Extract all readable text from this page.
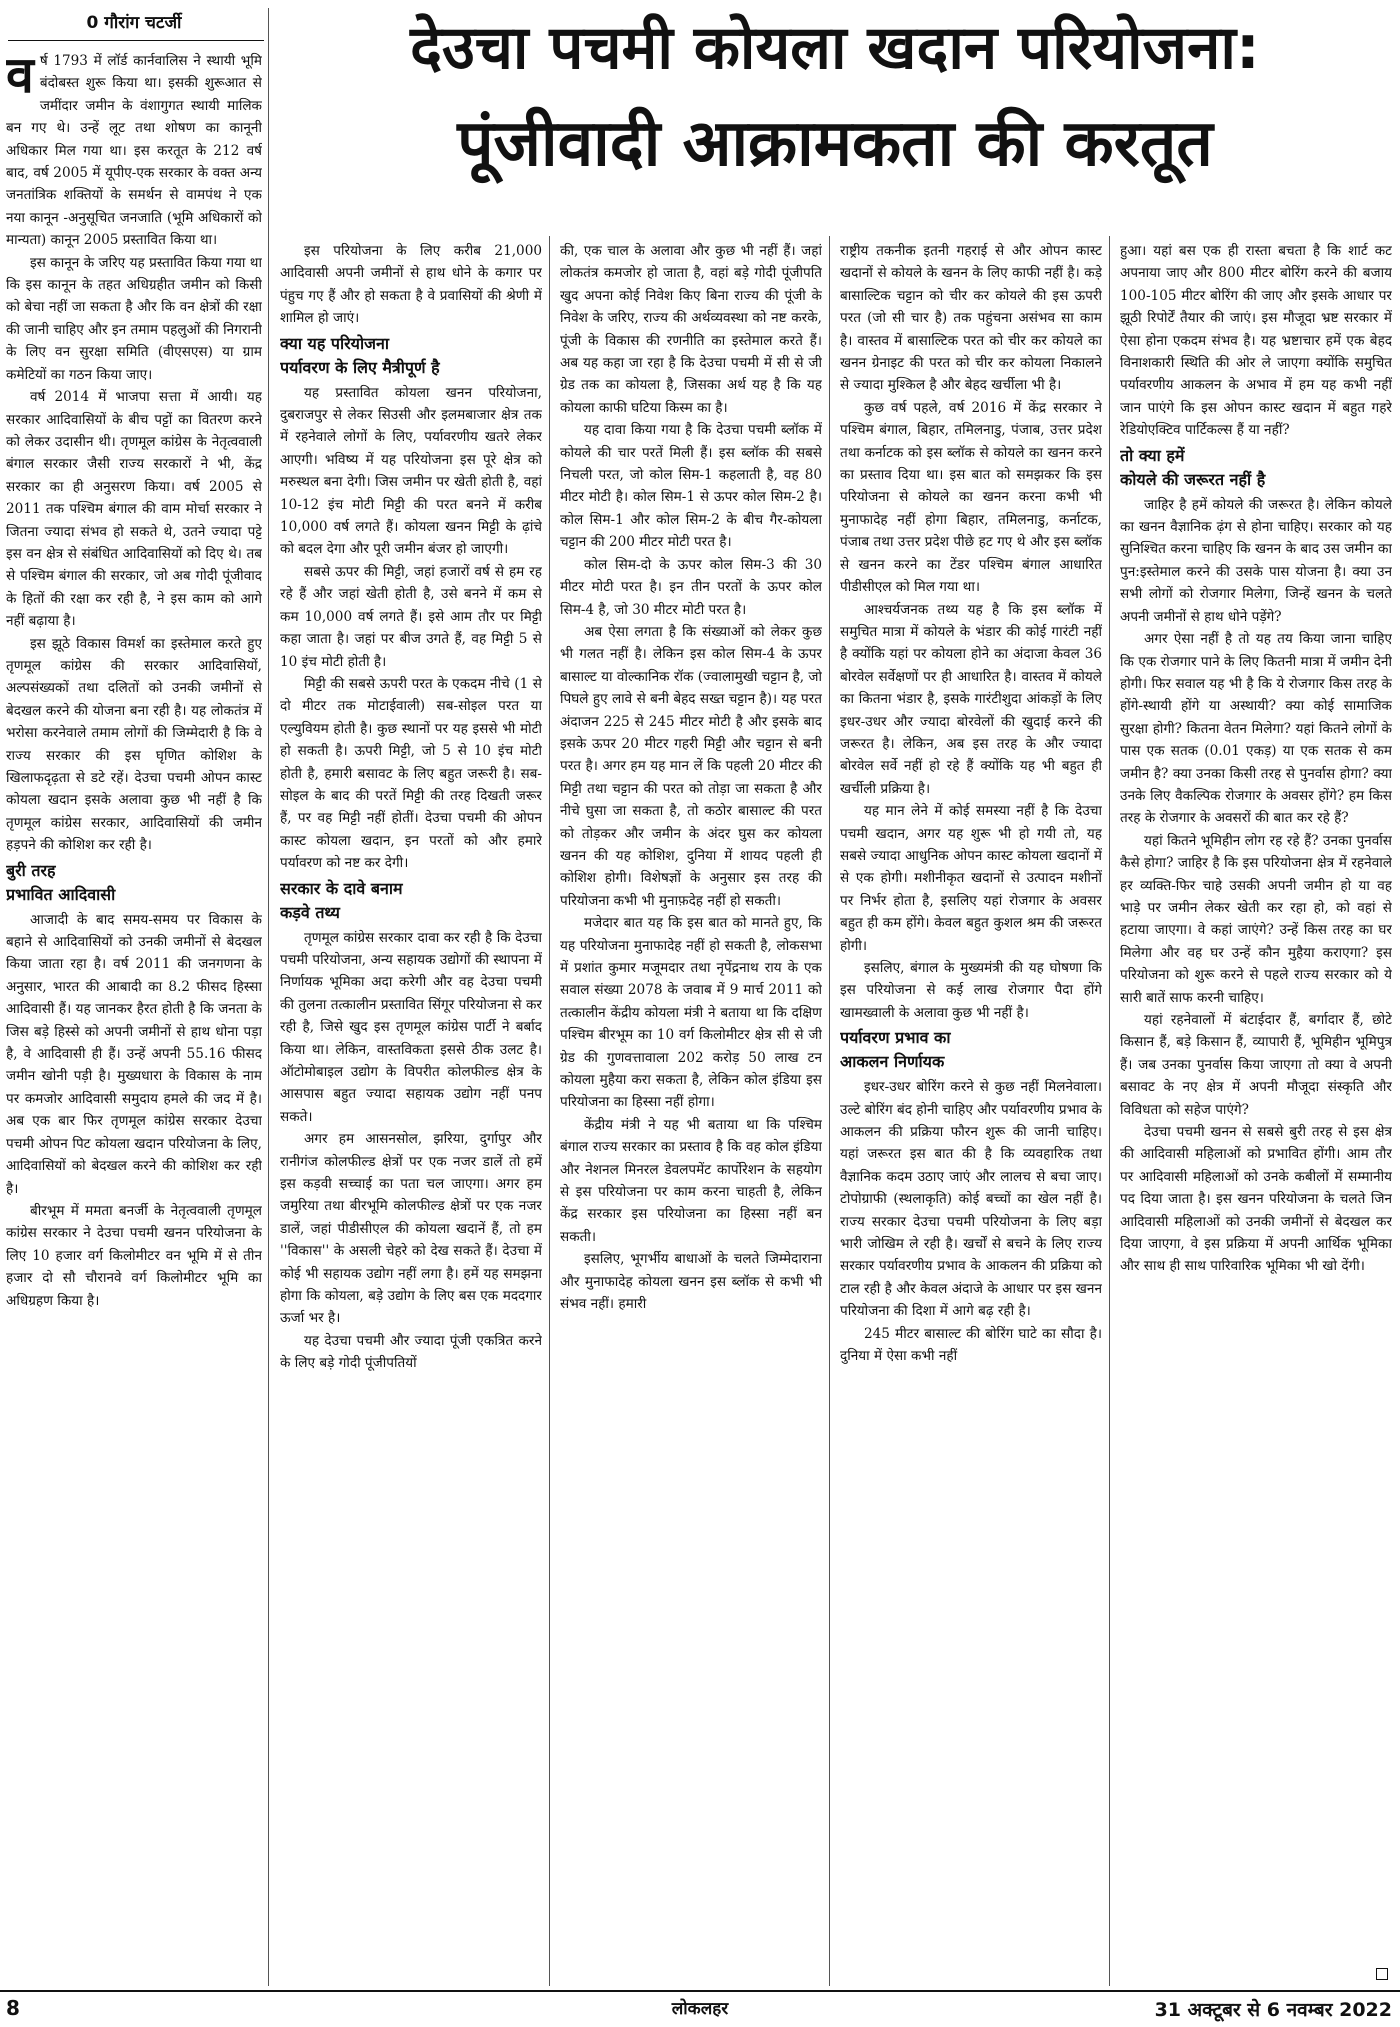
0 गौरांग चटर्जी	देउचा पचमी कोयला खदान परियोजना:
पूंजीवादी आक्रामकता की करतूत

वर्ष 1793 में लॉर्ड कार्नवालिस ने स्थायी भूमि बंदोबस्त शुरू किया था। इसकी शुरूआत से जमींदार जमीन के वंशागुगत स्थायी मालिक बन गए थे। उन्हें लूट तथा शोषण का कानूनी अधिकार मिल गया था। इस करतूत के 212 वर्ष बाद, वर्ष 2005 में यूपीए-एक सरकार के वक्त अन्य जनतांत्रिक शक्तियों के समर्थन से वामपंथ ने एक नया कानून -अनुसूचित जनजाति (भूमि अधिकारों को मान्यता) कानून 2005 प्रस्तावित किया था।

इस कानून के जरिए यह प्रस्तावित किया गया था कि इस कानून के तहत अधिग्रहीत जमीन को किसी को बेचा नहीं जा सकता है और कि वन क्षेत्रों की रक्षा की जानी चाहिए और इन तमाम पहलुओं की निगरानी के लिए वन सुरक्षा समिति (वीएसएस) या ग्राम कमेटियों का गठन किया जाए।

वर्ष 2014 में भाजपा सत्ता में आयी। यह सरकार आदिवासियों के बीच पट्टों का वितरण करने को लेकर उदासीन थी। तृणमूल कांग्रेस के नेतृत्ववाली बंगाल सरकार जैसी राज्य सरकारों ने भी, केंद्र सरकार का ही अनुसरण किया। वर्ष 2005 से 2011 तक पश्चिम बंगाल की वाम मोर्चा सरकार ने जितना ज्यादा संभव हो सकते थे, उतने ज्यादा पट्टे इस वन क्षेत्र से संबंधित आदिवासियों को दिए थे। तब से पश्चिम बंगाल की सरकार, जो अब गोदी पूंजीवाद के हितों की रक्षा कर रही है, ने इस काम को आगे नहीं बढ़ाया है।

इस झूठे विकास विमर्श का इस्तेमाल करते हुए तृणमूल कांग्रेस की सरकार आदिवासियों, अल्पसंख्यकों तथा दलितों को उनकी जमीनों से बेदखल करने की योजना बना रही है। यह लोकतंत्र में भरोसा करनेवाले तमाम लोगों की जिम्मेदारी है कि वे राज्य सरकार की इस घृणित कोशिश के खिलाफदृढ़ता से डटे रहें। देउचा पचमी ओपन कास्ट कोयला खदान इसके अलावा कुछ भी नहीं है कि तृणमूल कांग्रेस सरकार, आदिवासियों की जमीन हड़पने की कोशिश कर रही है।

बुरी तरह
प्रभावित आदिवासी

आजादी के बाद समय-समय पर विकास के बहाने से आदिवासियों को उनकी जमीनों से बेदखल किया जाता रहा है। वर्ष 2011 की जनगणना के अनुसार, भारत की आबादी का 8.2 फीसद हिस्सा आदिवासी हैं। यह जानकर हैरत होती है कि जनता के जिस बड़े हिस्से को अपनी जमीनों से हाथ धोना पड़ा है, वे आदिवासी ही हैं। उन्हें अपनी 55.16 फीसद जमीन खोनी पड़ी है। मुख्यधारा के विकास के नाम पर कमजोर आदिवासी समुदाय हमले की जद में है। अब एक बार फिर तृणमूल कांग्रेस सरकार देउचा पचमी ओपन पिट कोयला खदान परियोजना के लिए, आदिवासियों को बेदखल करने की कोशिश कर रही है।

बीरभूम में ममता बनर्जी के नेतृत्ववाली तृणमूल कांग्रेस सरकार ने देउचा पचमी खनन परियोजना के लिए 10 हजार वर्ग किलोमीटर वन भूमि में से तीन हजार दो सौ चौरानवे वर्ग किलोमीटर भूमि का अधिग्रहण किया है।

इस परियोजना के लिए करीब 21,000 आदिवासी अपनी जमीनों से हाथ धोने के कगार पर पंहुच गए हैं और हो सकता है वे प्रवासियों की श्रेणी में शामिल हो जाएं।

क्या यह परियोजना
पर्यावरण के लिए मैत्रीपूर्ण है

यह प्रस्तावित कोयला खनन परियोजना, दुबराजपुर से लेकर सिउसी और इलमबाजार क्षेत्र तक में रहनेवाले लोगों के लिए, पर्यावरणीय खतरे लेकर आएगी। भविष्य में यह परियोजना इस पूरे क्षेत्र को मरुस्थल बना देगी। जिस जमीन पर खेती होती है, वहां 10-12 इंच मोटी मिट्टी की परत बनने में करीब 10,000 वर्ष लगते हैं। कोयला खनन मिट्टी के ढ़ांचे को बदल देगा और पूरी जमीन बंजर हो जाएगी।

सबसे ऊपर की मिट्टी, जहां हजारों वर्ष से हम रह रहे हैं और जहां खेती होती है, उसे बनने में कम से कम 10,000 वर्ष लगते हैं। इसे आम तौर पर मिट्टी कहा जाता है। जहां पर बीज उगते हैं, वह मिट्टी 5 से 10 इंच मोटी होती है।

मिट्टी की सबसे ऊपरी परत के एकदम नीचे (1 से दो मीटर तक मोटाईवाली) सब-सोइल परत या एल्युवियम होती है। कुछ स्थानों पर यह इससे भी मोटी हो सकती है। ऊपरी मिट्टी, जो 5 से 10 इंच मोटी होती है, हमारी बसावट के लिए बहुत जरूरी है। सब-सोइल के बाद की परतें मिट्टी की तरह दिखती जरूर हैं, पर वह मिट्टी नहीं होतीं। देउचा पचमी की ओपन कास्ट कोयला खदान, इन परतों को और हमारे पर्यावरण को नष्ट कर देगी।

सरकार के दावे बनाम
कड़वे तथ्य

तृणमूल कांग्रेस सरकार दावा कर रही है कि देउचा पचमी परियोजना, अन्य सहायक उद्योगों की स्थापना में निर्णायक भूमिका अदा करेगी और वह देउचा पचमी की तुलना तत्कालीन प्रस्तावित सिंगूर परियोजना से कर रही है, जिसे खुद इस तृणमूल कांग्रेस पार्टी ने बर्बाद किया था। लेकिन, वास्तविकता इससे ठीक उलट है। ऑटोमोबाइल उद्योग के विपरीत कोलफील्ड क्षेत्र के आसपास बहुत ज्यादा सहायक उद्योग नहीं पनप सकते।

अगर हम आसनसोल, झरिया, दुर्गापुर और रानीगंज कोलफील्ड क्षेत्रों पर एक नजर डालें तो हमें इस कड़वी सच्चाई का पता चल जाएगा। अगर हम जमुरिया तथा बीरभूमि कोलफील्ड क्षेत्रों पर एक नजर डालें, जहां पीडीसीएल की कोयला खदानें हैं, तो हम ''विकास'' के असली चेहरे को देख सकते हैं। देउचा में कोई भी सहायक उद्योग नहीं लगा है। हमें यह समझना होगा कि कोयला, बड़े उद्योग के लिए बस एक मददगार ऊर्जा भर है।

यह देउचा पचमी और ज्यादा पूंजी एकत्रित करने के लिए बड़े गोदी पूंजीपतियों

की, एक चाल के अलावा और कुछ भी नहीं हैं। जहां लोकतंत्र कमजोर हो जाता है, वहां बड़े गोदी पूंजीपति खुद अपना कोई निवेश किए बिना राज्य की पूंजी के निवेश के जरिए, राज्य की अर्थव्यवस्था को नष्ट करके, पूंजी के विकास की रणनीति का इस्तेमाल करते हैं। अब यह कहा जा रहा है कि देउचा पचमी में सी से जी ग्रेड तक का कोयला है, जिसका अर्थ यह है कि यह कोयला काफी घटिया किस्म का है।

यह दावा किया गया है कि देउचा पचमी ब्लॉक में कोयले की चार परतें मिली हैं। इस ब्लॉक की सबसे निचली परत, जो कोल सिम-1 कहलाती है, वह 80 मीटर मोटी है। कोल सिम-1 से ऊपर कोल सिम-2 है। कोल सिम-1 और कोल सिम-2 के बीच गैर-कोयला चट्टान की 200 मीटर मोटी परत है।

कोल सिम-दो के ऊपर कोल सिम-3 की 30 मीटर मोटी परत है। इन तीन परतों के ऊपर कोल सिम-4 है, जो 30 मीटर मोटी परत है।

अब ऐसा लगता है कि संख्याओं को लेकर कुछ भी गलत नहीं है। लेकिन इस कोल सिम-4 के ऊपर बासाल्ट या वोल्कानिक रॉक (ज्वालामुखी चट्टान है, जो पिघले हुए लावे से बनी बेहद सख्त चट्टान है)। यह परत अंदाजन 225 से 245 मीटर मोटी है और इसके बाद इसके ऊपर 20 मीटर गहरी मिट्टी और चट्टान से बनी परत है। अगर हम यह मान लें कि पहली 20 मीटर की मिट्टी तथा चट्टान की परत को तोड़ा जा सकता है और नीचे घुसा जा सकता है, तो कठोर बासाल्ट की परत को तोड़कर और जमीन के अंदर घुस कर कोयला खनन की यह कोशिश, दुनिया में शायद पहली ही कोशिश होगी। विशेषज्ञों के अनुसार इस तरह की परियोजना कभी भी मुनाफ़देह नहीं हो सकती।

मजेदार बात यह कि इस बात को मानते हुए, कि यह परियोजना मुनाफादेह नहीं हो सकती है, लोकसभा में प्रशांत कुमार मजूमदार तथा नृपेंद्रनाथ राय के एक सवाल संख्या 2078 के जवाब में 9 मार्च 2011 को तत्कालीन केंद्रीय कोयला मंत्री ने बताया था कि दक्षिण पश्चिम बीरभूम का 10 वर्ग किलोमीटर क्षेत्र सी से जी ग्रेड की गुणवत्तावाला 202 करोड़ 50 लाख टन कोयला मुहैया करा सकता है, लेकिन कोल इंडिया इस परियोजना का हिस्सा नहीं होगा।

केंद्रीय मंत्री ने यह भी बताया था कि पश्चिम बंगाल राज्य सरकार का प्रस्ताव है कि वह कोल इंडिया और नेशनल मिनरल डेवलपमेंट कार्पोरेशन के सहयोग से इस परियोजना पर काम करना चाहती है, लेकिन केंद्र सरकार इस परियोजना का हिस्सा नहीं बन सकती।

इसलिए, भूगर्भीय बाधाओं के चलते जिम्मेदाराना और मुनाफादेह कोयला खनन इस ब्लॉक से कभी भी संभव नहीं। हमारी

राष्ट्रीय तकनीक इतनी गहराई से और ओपन कास्ट खदानों से कोयले के खनन के लिए काफी नहीं है। कड़े बासाल्टिक चट्टान को चीर कर कोयले की इस ऊपरी परत (जो सी चार है) तक पहुंचना असंभव सा काम है। वास्तव में बासाल्टिक परत को चीर कर कोयले का खनन ग्रेनाइट की परत को चीर कर कोयला निकालने से ज्यादा मुश्किल है और बेहद खर्चीला भी है।

कुछ वर्ष पहले, वर्ष 2016 में केंद्र सरकार ने पश्चिम बंगाल, बिहार, तमिलनाडु, पंजाब, उत्तर प्रदेश तथा कर्नाटक को इस ब्लॉक से कोयले का खनन करने का प्रस्ताव दिया था। इस बात को समझकर कि इस परियोजना से कोयले का खनन करना कभी भी मुनाफादेह नहीं होगा बिहार, तमिलनाडु, कर्नाटक, पंजाब तथा उत्तर प्रदेश पीछे हट गए थे और इस ब्लॉक से खनन करने का टेंडर पश्चिम बंगाल आधारित पीडीसीएल को मिल गया था।

आश्चर्यजनक तथ्य यह है कि इस ब्लॉक में समुचित मात्रा में कोयले के भंडार की कोई गारंटी नहीं है क्योंकि यहां पर कोयला होने का अंदाजा केवल 36 बोरवेल सर्वेक्षणों पर ही आधारित है। वास्तव में कोयले का कितना भंडार है, इसके गारंटीशुदा आंकड़ों के लिए इधर-उधर और ज्यादा बोरवेलों की खुदाई करने की जरूरत है। लेकिन, अब इस तरह के और ज्यादा बोरवेल सर्वे नहीं हो रहे हैं क्योंकि यह भी बहुत ही खर्चीली प्रक्रिया है।

यह मान लेने में कोई समस्या नहीं है कि देउचा पचमी खदान, अगर यह शुरू भी हो गयी तो, यह सबसे ज्यादा आधुनिक ओपन कास्ट कोयला खदानों में से एक होगी। मशीनीकृत खदानों से उत्पादन मशीनों पर निर्भर होता है, इसलिए यहां रोजगार के अवसर बहुत ही कम होंगे। केवल बहुत कुशल श्रम की जरूरत होगी।

इसलिए, बंगाल के मुख्यमंत्री की यह घोषणा कि इस परियोजना से कई लाख रोजगार पैदा होंगे खामख्वाली के अलावा कुछ भी नहीं है।

पर्यावरण प्रभाव का
आकलन निर्णायक

इधर-उधर बोरिंग करने से कुछ नहीं मिलनेवाला। उल्टे बोरिंग बंद होनी चाहिए और पर्यावरणीय प्रभाव के आकलन की प्रक्रिया फौरन शुरू की जानी चाहिए। यहां जरूरत इस बात की है कि व्यवहारिक तथा वैज्ञानिक कदम उठाए जाएं और लालच से बचा जाए। टोपोग्राफी (स्थलाकृति) कोई बच्चों का खेल नहीं है। राज्य सरकार देउचा पचमी परियोजना के लिए बड़ा भारी जोखिम ले रही है। खर्चों से बचने के लिए राज्य सरकार पर्यावरणीय प्रभाव के आकलन की प्रक्रिया को टाल रही है और केवल अंदाजे के आधार पर इस खनन परियोजना की दिशा में आगे बढ़ रही है।

245 मीटर बासाल्ट की बोरिंग घाटे का सौदा है। दुनिया में ऐसा कभी नहीं

हुआ। यहां बस एक ही रास्ता बचता है कि शार्ट कट अपनाया जाए और 800 मीटर बोरिंग करने की बजाय 100-105 मीटर बोरिंग की जाए और इसके आधार पर झूठी रिपोर्टें तैयार की जाएं। इस मौजूदा भ्रष्ट सरकार में ऐसा होना एकदम संभव है। यह भ्रष्टाचार हमें एक बेहद विनाशकारी स्थिति की ओर ले जाएगा क्योंकि समुचित पर्यावरणीय आकलन के अभाव में हम यह कभी नहीं जान पाएंगे कि इस ओपन कास्ट खदान में बहुत गहरे रेडियोएक्टिव पार्टिकल्स हैं या नहीं?

तो क्या हमें
कोयले की जरूरत नहीं है

जाहिर है हमें कोयले की जरूरत है। लेकिन कोयले का खनन वैज्ञानिक ढ़ंग से होना चाहिए। सरकार को यह सुनिश्चित करना चाहिए कि खनन के बाद उस जमीन का पुन:इस्तेमाल करने की उसके पास योजना है। क्या उन सभी लोगों को रोजगार मिलेगा, जिन्हें खनन के चलते अपनी जमीनों से हाथ धोने पड़ेंगे?

अगर ऐसा नहीं है तो यह तय किया जाना चाहिए कि एक रोजगार पाने के लिए कितनी मात्रा में जमीन देनी होगी। फिर सवाल यह भी है कि ये रोजगार किस तरह के होंगे-स्थायी होंगे या अस्थायी? क्या कोई सामाजिक सुरक्षा होगी? कितना वेतन मिलेगा? यहां कितने लोगों के पास एक सतक (0.01 एकड़) या एक सतक से कम जमीन है? क्या उनका किसी तरह से पुनर्वास होगा? क्या उनके लिए वैकल्पिक रोजगार के अवसर होंगे? हम किस तरह के रोजगार के अवसरों की बात कर रहे हैं?

यहां कितने भूमिहीन लोग रह रहे हैं? उनका पुनर्वास कैसे होगा? जाहिर है कि इस परियोजना क्षेत्र में रहनेवाले हर व्यक्ति-फिर चाहे उसकी अपनी जमीन हो या वह भाड़े पर जमीन लेकर खेती कर रहा हो, को वहां से हटाया जाएगा। वे कहां जाएंगे? उन्हें किस तरह का घर मिलेगा और वह घर उन्हें कौन मुहैया कराएगा? इस परियोजना को शुरू करने से पहले राज्य सरकार को ये सारी बातें साफ करनी चाहिए।

यहां रहनेवालों में बंटाईदार हैं, बर्गादार हैं, छोटे किसान हैं, बड़े किसान हैं, व्यापारी हैं, भूमिहीन भूमिपुत्र हैं। जब उनका पुनर्वास किया जाएगा तो क्या वे अपनी बसावट के नए क्षेत्र में अपनी मौजूदा संस्कृति और विविधता को सहेज पाएंगे?

देउचा पचमी खनन से सबसे बुरी तरह से इस क्षेत्र की आदिवासी महिलाओं को प्रभावित होंगी। आम तौर पर आदिवासी महिलाओं को उनके कबीलों में सम्मानीय पद दिया जाता है। इस खनन परियोजना के चलते जिन आदिवासी महिलाओं को उनकी जमीनों से बेदखल कर दिया जाएगा, वे इस प्रक्रिया में अपनी आर्थिक भूमिका और साथ ही साथ पारिवारिक भूमिका भी खो देंगी।

8	लोकलहर	31 अक्टूबर से 6 नवम्बर 2022
